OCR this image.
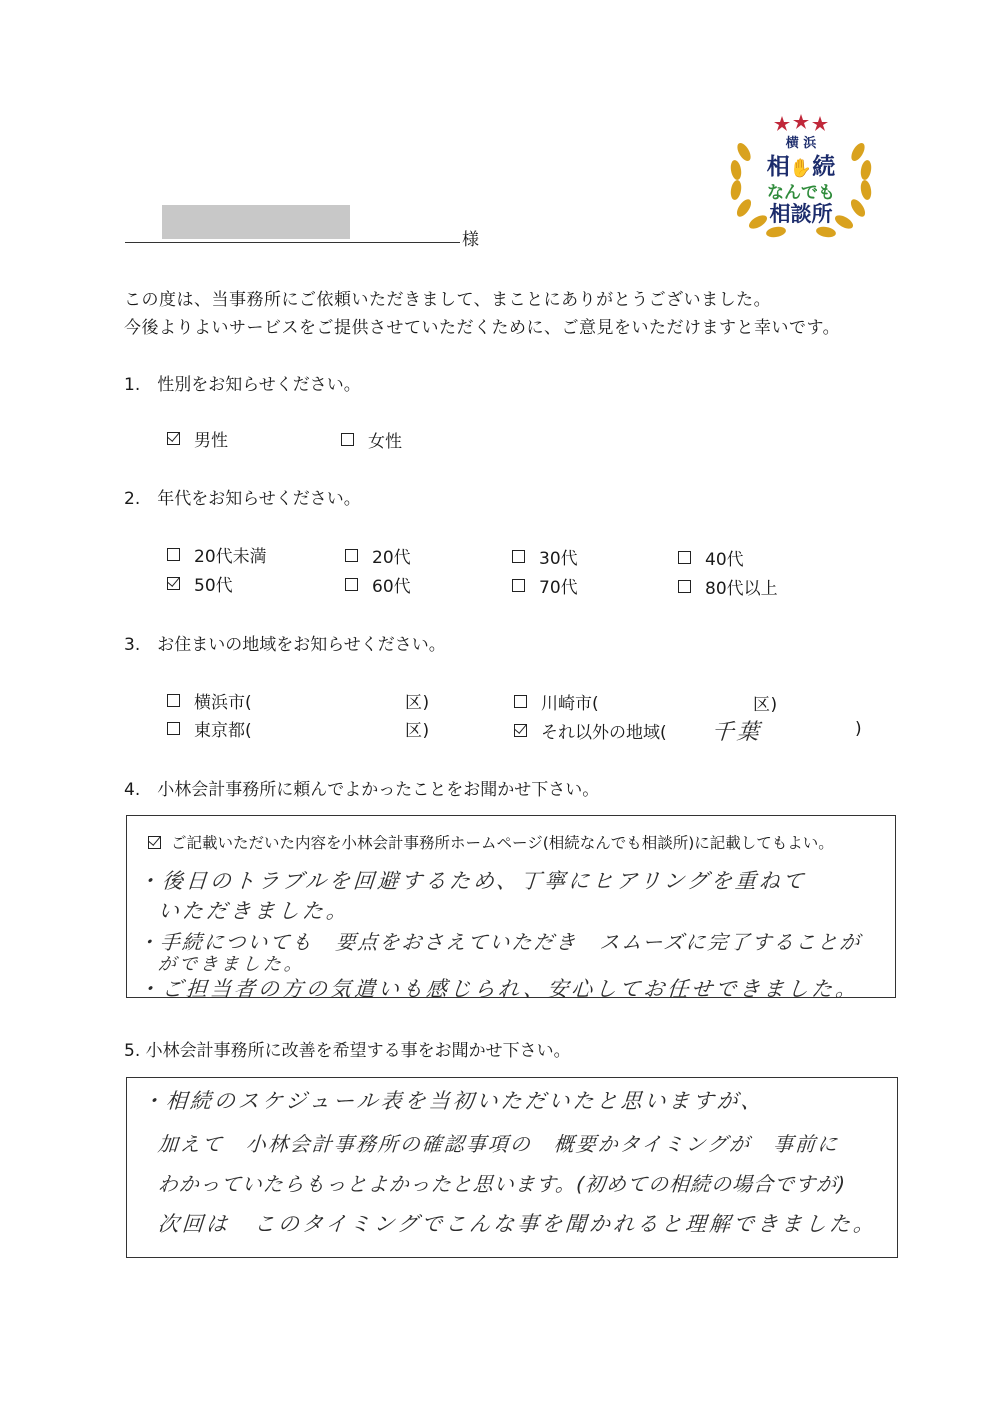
横 浜
相✋続
なんでも
相談所
様
この度は、当事務所にご依頼いただきまして、まことにありがとうございました。
今後よりよいサービスをご提供させていただくために、ご意見をいただけますと幸いです。
1.　性別をお知らせください。
男性	女性
2.　年代をお知らせください。
20代未満	20代	30代	40代
50代	60代	70代	80代以上
3.　お住まいの地域をお知らせください。
横浜市(	区)	川崎市(	区)
東京都(	区)	それ以外の地域( 千葉	)
4.　小林会計事務所に頼んでよかったことをお聞かせ下さい。
ご記載いただいた内容を小林会計事務所ホームページ(相続なんでも相談所)に記載してもよい。
・後日のトラブルを回避するため、丁寧にヒアリングを重ねて
いただきました。
・手続についても　要点をおさえていただき　スムーズに完了することが
ができました。
・ご担当者の方の気遣いも感じられ、安心してお任せできました。
5. 小林会計事務所に改善を希望する事をお聞かせ下さい。
・相続のスケジュール表を当初いただいたと思いますが、
加えて　小林会計事務所の確認事項の　概要かタイミングが　事前に
わかっていたらもっとよかったと思います。(初めての相続の場合ですが)
次回は　このタイミングでこんな事を聞かれると理解できました。
